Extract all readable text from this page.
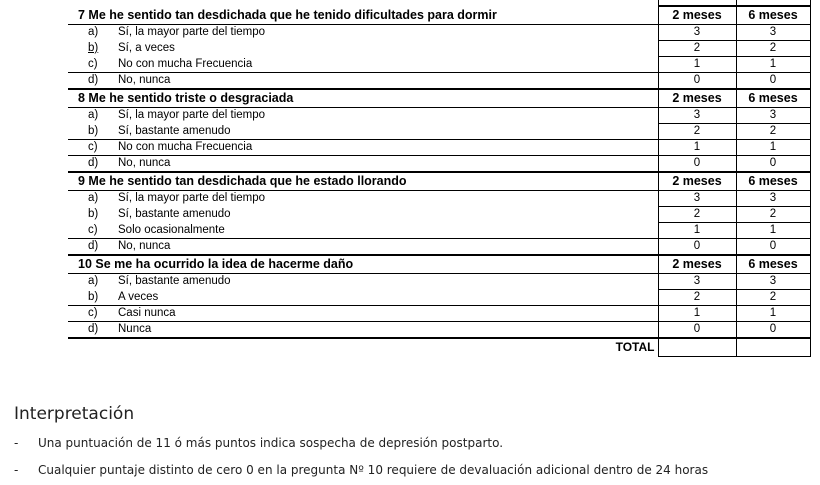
7 Me he sentido tan desdichada que he tenido dificultades para dormir	2 meses	6 meses
a) Sí, la mayor parte del tiempo	3	3
b) Sí, a veces	2	2
c) No con mucha Frecuencia	1	1
d) No, nunca	0	0
8 Me he sentido triste o desgraciada	2 meses	6 meses
a) Sí, la mayor parte del tiempo	3	3
b) Sí, bastante amenudo	2	2
c) No con mucha Frecuencia	1	1
d) No, nunca	0	0
9 Me he sentido tan desdichada que he estado llorando	2 meses	6 meses
a) Sí, la mayor parte del tiempo	3	3
b) Sí, bastante amenudo	2	2
c) Solo ocasionalmente	1	1
d) No, nunca	0	0
10 Se me ha ocurrido la idea de hacerme daño	2 meses	6 meses
a) Sí, bastante amenudo	3	3
b) A veces	2	2
c) Casi nunca	1	1
d) Nunca	0	0
TOTAL		
Interpretación
- Una puntuación de 11 ó más puntos indica sospecha de depresión postparto.
- Cualquier puntaje distinto de cero 0 en la pregunta Nº 10 requiere de devaluación adicional dentro de 24 horas
